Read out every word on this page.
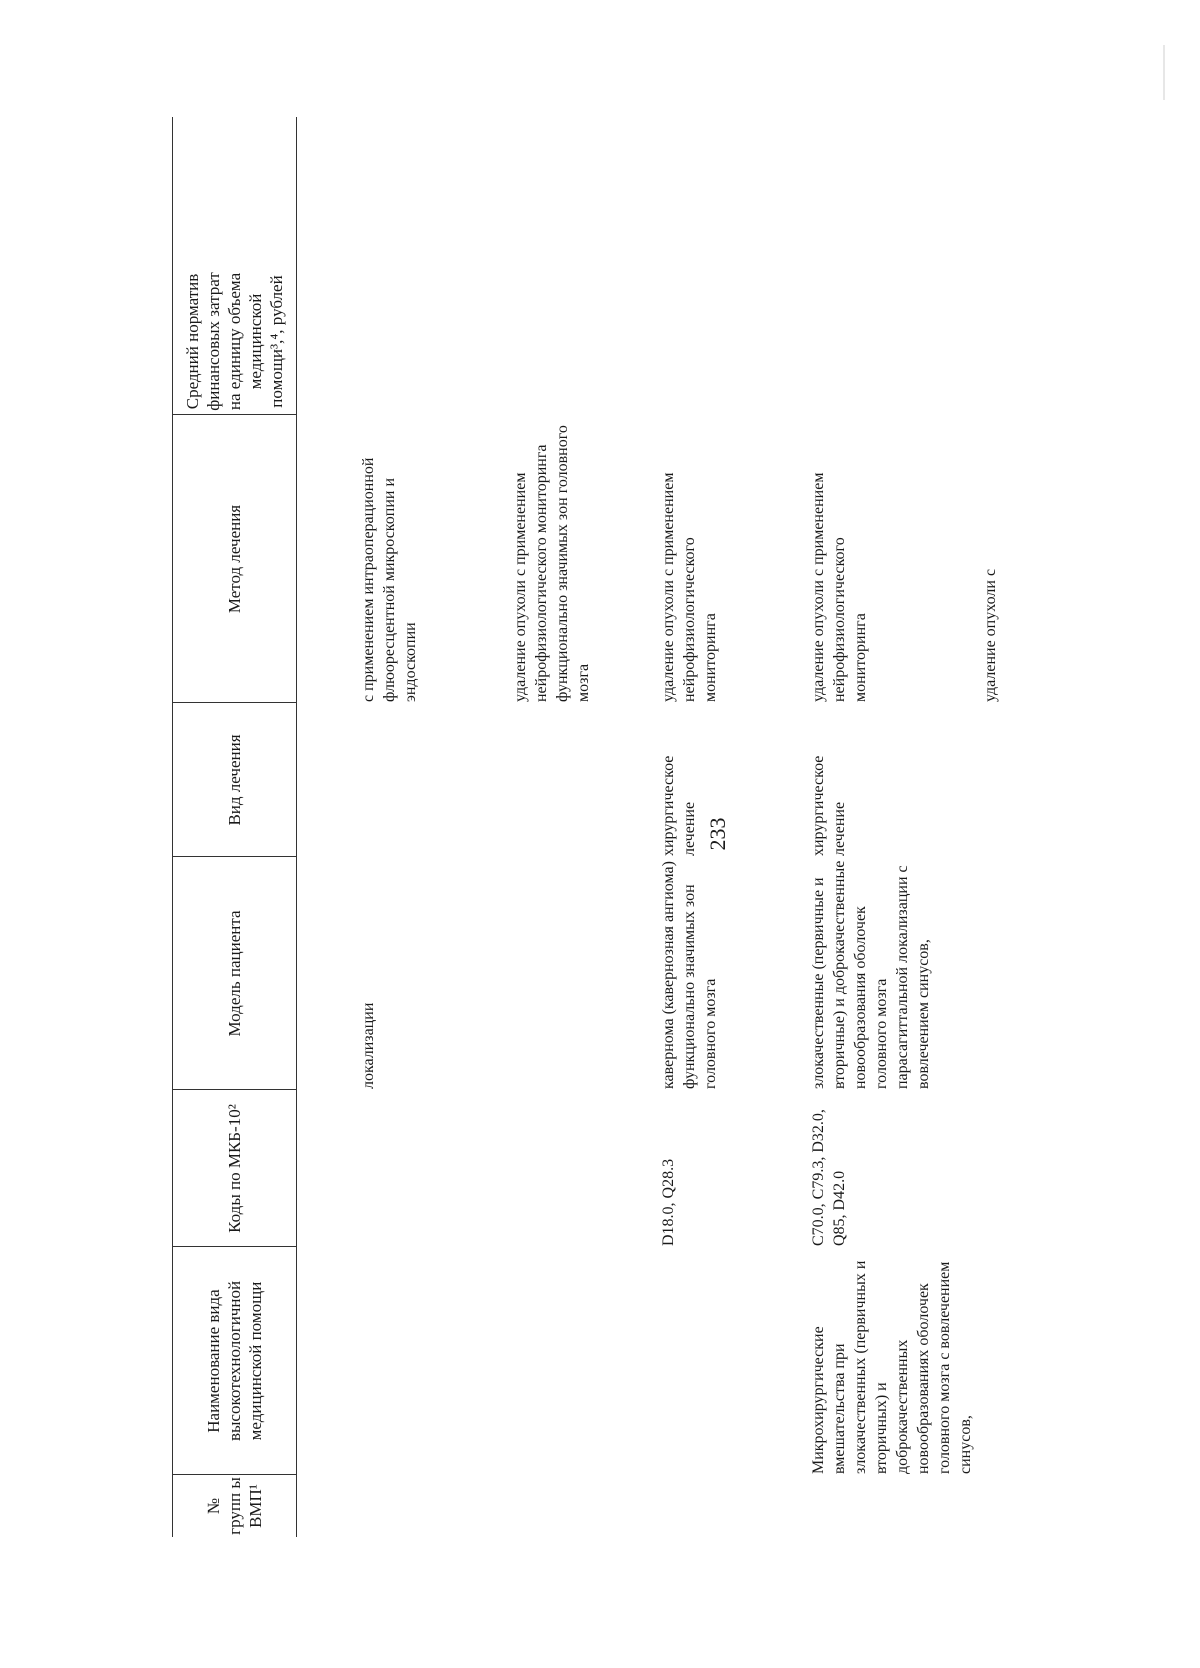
233
№ групп ы ВМП¹
Наименование вида высокотехнологичной медицинской помощи
Коды по МКБ-10²
Модель пациента
Вид лечения
Метод лечения
Средний норматив финансовых затрат на единицу объема медицинской помощи³,⁴, рублей
локализации
с применением интраоперационной флюоресцентной микроскопии и эндоскопии	удаление опухоли с применением нейрофизиологического мониторинга функционально значимых зон головного мозга
D18.0, Q28.3
кавернома (кавернозная ангиома) функционально значимых зон головного мозга
хирургическое лечение
удаление опухоли с применением нейрофизиологического мониторинга
Микрохирургические вмешательства при злокачественных (первичных и вторичных) и доброкачественных новообразованиях оболочек головного мозга с вовлечением синусов,
C70.0, C79.3, D32.0, Q85, D42.0
злокачественные (первичные и вторичные) и доброкачественные новообразования оболочек головного мозга парасагиттальной локализации с вовлечением синусов,
хирургическое лечение
удаление опухоли с применением нейрофизиологического мониторинга	удаление опухоли с
